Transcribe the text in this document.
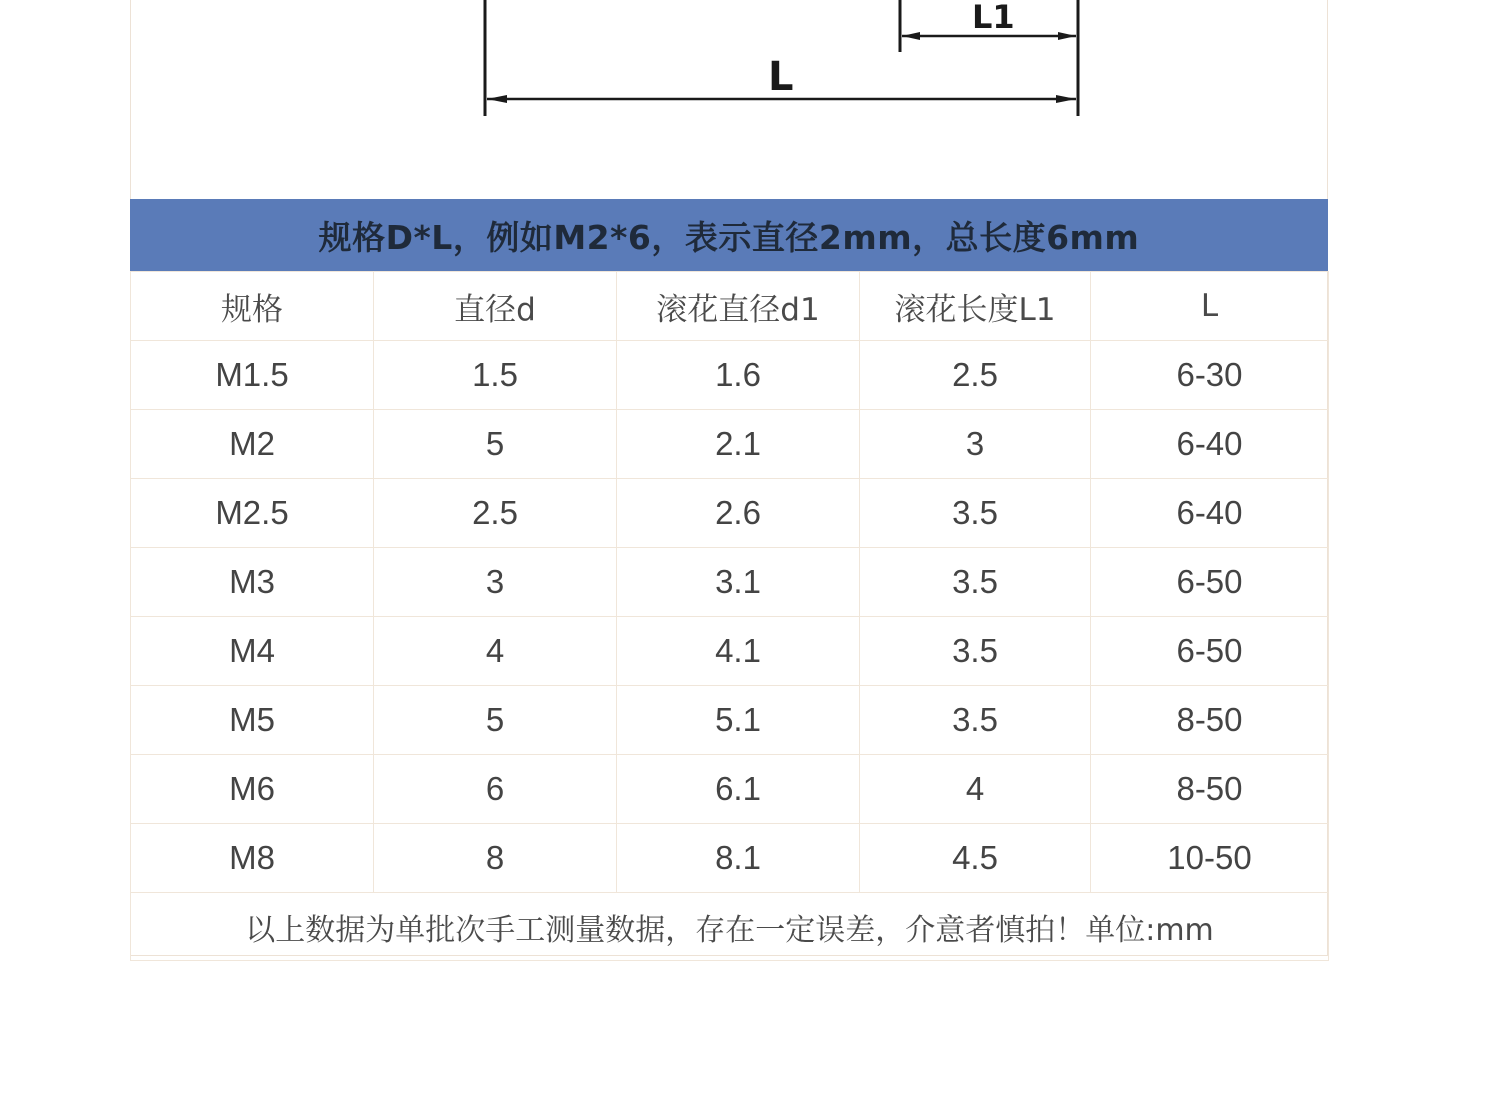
L
L1
规格D*L，例如M2*6，表示直径2mm，总长度6mm
规格	直径d	滚花直径d1	滚花长度L1	L
M1.5	1.5	1.6	2.5	6-30
M2	5	2.1	3	6-40
M2.5	2.5	2.6	3.5	6-40
M3	3	3.1	3.5	6-50
M4	4	4.1	3.5	6-50
M5	5	5.1	3.5	8-50
M6	6	6.1	4	8-50
M8	8	8.1	4.5	10-50
以上数据为单批次手工测量数据，存在一定误差，介意者慎拍！单位:mm				
